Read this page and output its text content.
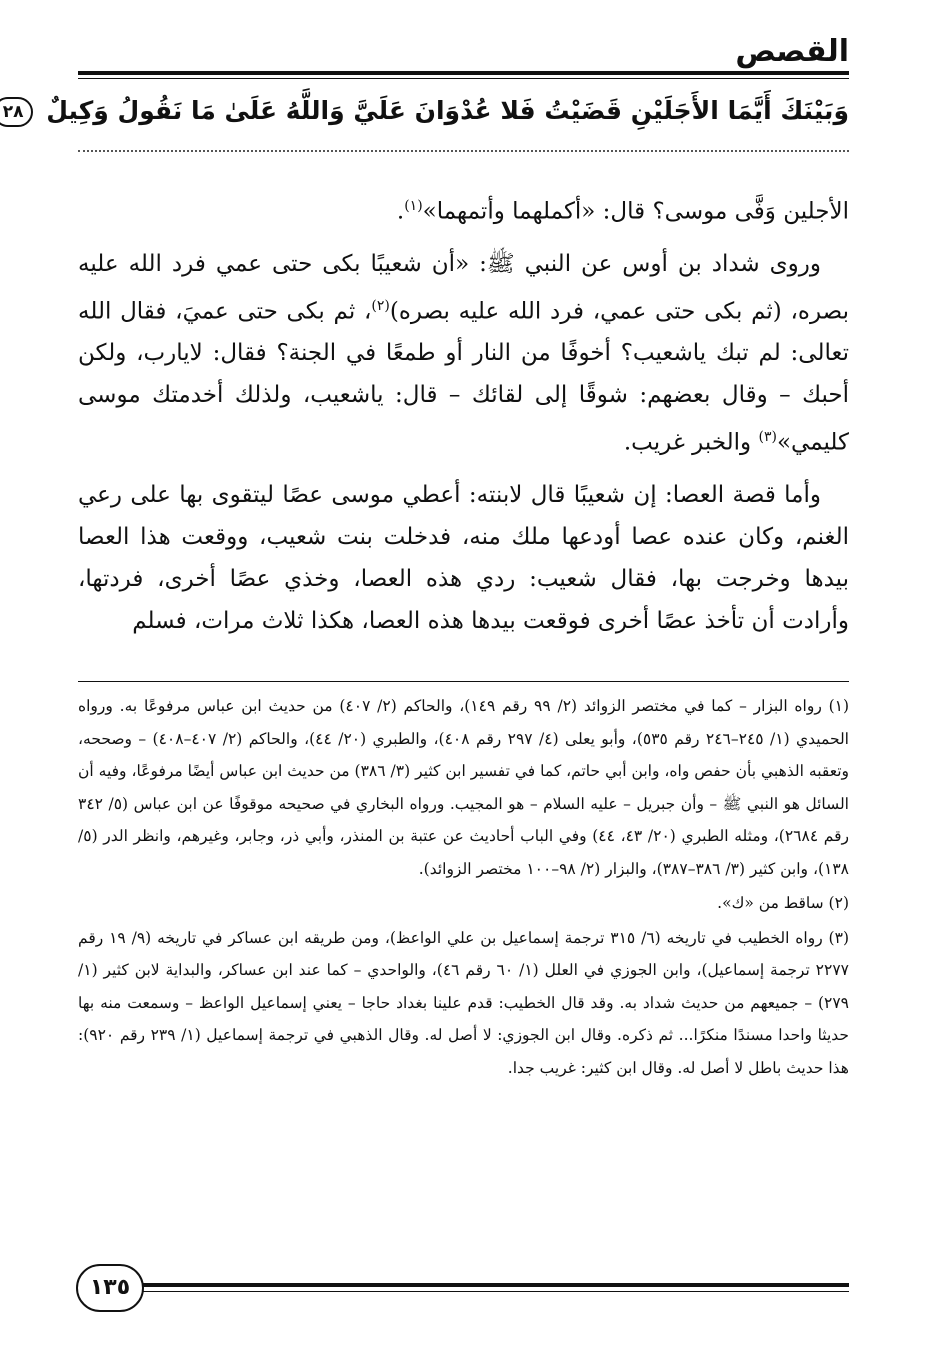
القصص
وَبَيْنَكَ أَيَّمَا الأَجَلَيْنِ قَضَيْتُ فَلا عُدْوَانَ عَلَيَّ وَاللَّهُ عَلَىٰ مَا نَقُولُ وَكِيلٌ ٢٨

الأجلين وَفَّى موسى؟ قال: «أكملهما وأتمهما»$^{(١)}$.

وروى شداد بن أوس عن النبي ﷺ: «أن شعيبًا بكى حتى عمي فرد الله عليه بصره، (ثم بكى حتى عمي، فرد الله عليه بصره)$^{(٢)}$، ثم بكى حتى عميَ، فقال الله تعالى: لم تبك ياشعيب؟ أخوفًا من النار أو طمعًا في الجنة؟ فقال: لايارب، ولكن أحبك – وقال بعضهم: شوقًا إلى لقائك – قال: ياشعيب، ولذلك أخدمتك موسى كليمي»$^{(٣)}$ والخبر غريب.

وأما قصة العصا: إن شعيبًا قال لابنته: أعطي موسى عصًا ليتقوى بها على رعي الغنم، وكان عنده عصا أودعها ملك منه، فدخلت بنت شعيب، ووقعت هذا العصا بيدها وخرجت بها، فقال شعيب: ردي هذه العصا، وخذي عصًا أخرى، فردتها، وأرادت أن تأخذ عصًا أخرى فوقعت بيدها هذه العصا، هكذا ثلاث مرات، فسلم

(١) رواه البزار – كما في مختصر الزوائد (٢/ ٩٩ رقم ١٤٩)، والحاكم (٢/ ٤٠٧) من حديث ابن عباس مرفوعًا به. ورواه الحميدي (١/ ٢٤٥–٢٤٦ رقم ٥٣٥)، وأبو يعلى (٤/ ٢٩٧ رقم ٤٠٨)، والطبري (٢٠/ ٤٤)، والحاكم (٢/ ٤٠٧–٤٠٨) – وصححه، وتعقبه الذهبي بأن حفص واه، وابن أبي حاتم، كما في تفسير ابن كثير (٣/ ٣٨٦) من حديث ابن عباس أيضًا مرفوعًا، وفيه أن السائل هو النبي ﷺ – وأن جبريل – عليه السلام – هو المجيب. ورواه البخاري في صحيحه موقوفًا عن ابن عباس (٥/ ٣٤٢ رقم ٢٦٨٤)، ومثله الطبري (٢٠/ ٤٣، ٤٤) وفي الباب أحاديث عن عتبة بن المنذر، وأبي ذر، وجابر، وغيرهم، وانظر الدر (٥/ ١٣٨)، وابن كثير (٣/ ٣٨٦–٣٨٧)، والبزار (٢/ ٩٨–١٠٠ مختصر الزوائد).
(٢) ساقط من «ك».
(٣) رواه الخطيب في تاريخه (٦/ ٣١٥ ترجمة إسماعيل بن علي الواعظ)، ومن طريقه ابن عساكر في تاريخه (٩/ ١٩ رقم ٢٢٧٧ ترجمة إسماعيل)، وابن الجوزي في العلل (١/ ٦٠ رقم ٤٦)، والواحدي – كما عند ابن عساكر، والبداية لابن كثير (١/ ٢٧٩) – جميعهم من حديث شداد به. وقد قال الخطيب: قدم علينا بغداد حاجا – يعني إسماعيل الواعظ – وسمعت منه بها حديثا واحدا مسندًا منكرًا... ثم ذكره. وقال ابن الجوزي: لا أصل له. وقال الذهبي في ترجمة إسماعيل (١/ ٢٣٩ رقم ٩٢٠): هذا حديث باطل لا أصل له. وقال ابن كثير: غريب جدا.
١٣٥
